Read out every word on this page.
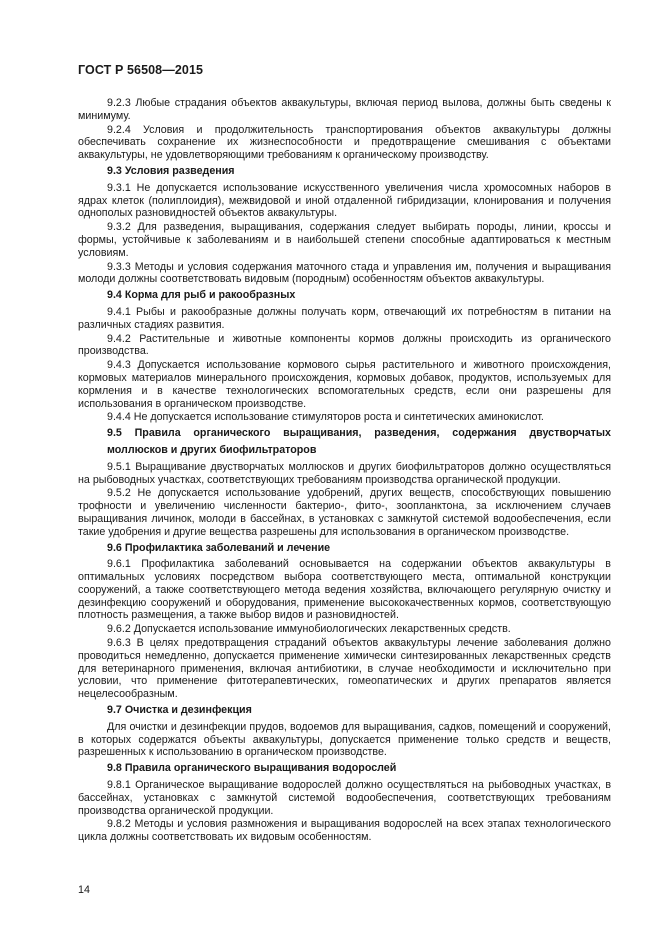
ГОСТ Р 56508—2015

9.2.3 Любые страдания объектов аквакультуры, включая период вылова, должны быть сведены к минимуму.

9.2.4 Условия и продолжительность транспортирования объектов аквакультуры должны обеспечивать сохранение их жизнеспособности и предотвращение смешивания с объектами аквакультуры, не удовлетворяющими требованиям к органическому производству.

9.3 Условия разведения

9.3.1 Не допускается использование искусственного увеличения числа хромосомных наборов в ядрах клеток (полиплоидия), межвидовой и иной отдаленной гибридизации, клонирования и получения однополых разновидностей объектов аквакультуры.

9.3.2 Для разведения, выращивания, содержания следует выбирать породы, линии, кроссы и формы, устойчивые к заболеваниям и в наибольшей степени способные адаптироваться к местным условиям.

9.3.3 Методы и условия содержания маточного стада и управления им, получения и выращивания молоди должны соответствовать видовым (породным) особенностям объектов аквакультуры.

9.4 Корма для рыб и ракообразных

9.4.1 Рыбы и ракообразные должны получать корм, отвечающий их потребностям в питании на различных стадиях развития.

9.4.2 Растительные и животные компоненты кормов должны происходить из органического производства.

9.4.3 Допускается использование кормового сырья растительного и животного происхождения, кормовых материалов минерального происхождения, кормовых добавок, продуктов, используемых для кормления и в качестве технологических вспомогательных средств, если они разрешены для использования в органическом производстве.

9.4.4 Не допускается использование стимуляторов роста и синтетических аминокислот.

9.5 Правила органического выращивания, разведения, содержания двустворчатых
моллюсков и других биофильтраторов

9.5.1 Выращивание двустворчатых моллюсков и других биофильтраторов должно осуществляться на рыбоводных участках, соответствующих требованиям производства органической продукции.

9.5.2 Не допускается использование удобрений, других веществ, способствующих повышению трофности и увеличению численности бактерио-, фито-, зоопланктона, за исключением случаев выращивания личинок, молоди в бассейнах, в установках с замкнутой системой водообеспечения, если такие удобрения и другие вещества разрешены для использования в органическом производстве.

9.6 Профилактика заболеваний и лечение

9.6.1 Профилактика заболеваний основывается на содержании объектов аквакультуры в оптимальных условиях посредством выбора соответствующего места, оптимальной конструкции сооружений, а также соответствующего метода ведения хозяйства, включающего регулярную очистку и дезинфекцию сооружений и оборудования, применение высококачественных кормов, соответствующую плотность размещения, а также выбор видов и разновидностей.

9.6.2 Допускается использование иммунобиологических лекарственных средств.

9.6.3 В целях предотвращения страданий объектов аквакультуры лечение заболевания должно проводиться немедленно, допускается применение химически синтезированных лекарственных средств для ветеринарного применения, включая антибиотики, в случае необходимости и исключительно при условии, что применение фитотерапевтических, гомеопатических и других препаратов является нецелесообразным.

9.7 Очистка и дезинфекция

Для очистки и дезинфекции прудов, водоемов для выращивания, садков, помещений и сооружений, в которых содержатся объекты аквакультуры, допускается применение только средств и веществ, разрешенных к использованию в органическом производстве.

9.8 Правила органического выращивания водорослей

9.8.1 Органическое выращивание водорослей должно осуществляться на рыбоводных участках, в бассейнах, установках с замкнутой системой водообеспечения, соответствующих требованиям производства органической продукции.

9.8.2 Методы и условия размножения и выращивания водорослей на всех этапах технологического цикла должны соответствовать их видовым особенностям.

14
